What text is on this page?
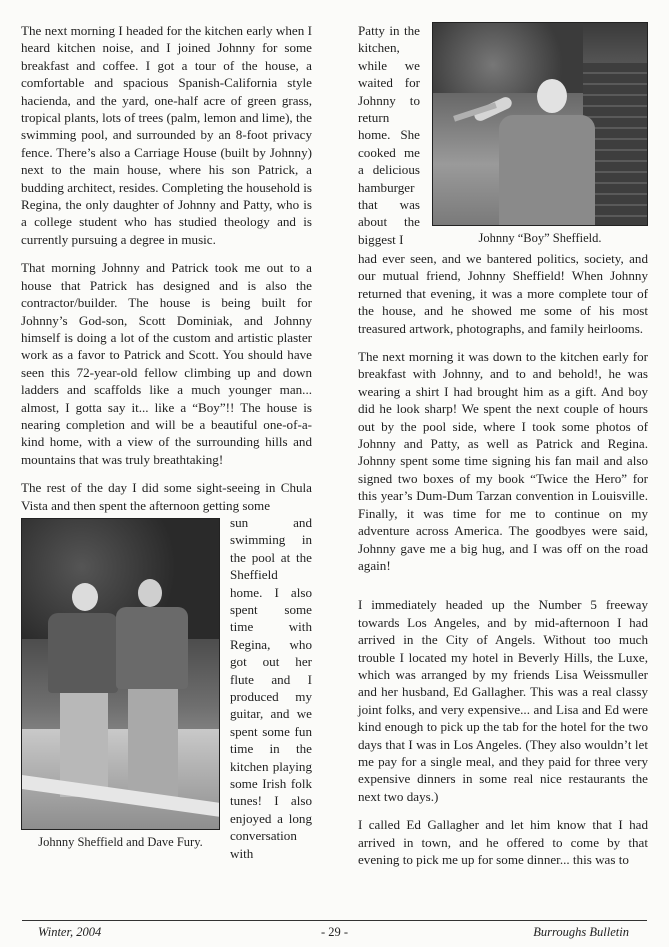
The next morning I headed for the kitchen early when I heard kitchen noise, and I joined Johnny for some breakfast and coffee. I got a tour of the house, a comfortable and spacious Spanish-California style hacienda, and the yard, one-half acre of green grass, tropical plants, lots of trees (palm, lemon and lime), the swimming pool, and surrounded by an 8-foot privacy fence. There’s also a Carriage House (built by Johnny) next to the main house, where his son Patrick, a budding architect, resides. Completing the household is Regina, the only daughter of Johnny and Patty, who is a college student who has studied theology and is currently pursuing a degree in music.

That morning Johnny and Patrick took me out to a house that Patrick has designed and is also the contractor/builder. The house is being built for Johnny’s God-son, Scott Dominiak, and Johnny himself is doing a lot of the custom and artistic plaster work as a favor to Patrick and Scott. You should have seen this 72-year-old fellow climbing up and down ladders and scaffolds like a much younger man... almost, I gotta say it... like a “Boy”!! The house is nearing completion and will be a beautiful one-of-a-kind home, with a view of the surrounding hills and mountains that was truly breathtaking!

The rest of the day I did some sight-seeing in Chula Vista and then spent the afternoon getting some

Johnny Sheffield and Dave Fury.

sun and swimming in the pool at the Sheffield home. I also spent some time with Regina, who got out her flute and I produced my guitar, and we spent some fun time in the kitchen playing some Irish folk tunes! I also enjoyed a long conversation with

Johnny “Boy” Sheffield.

Patty in the kitchen, while we waited for Johnny to return home. She cooked me a delicious hamburger that was about the biggest I

had ever seen, and we bantered politics, society, and our mutual friend, Johnny Sheffield! When Johnny returned that evening, it was a more complete tour of the house, and he showed me some of his most treasured artwork, photographs, and family heirlooms.

The next morning it was down to the kitchen early for breakfast with Johnny, and to and behold!, he was wearing a shirt I had brought him as a gift. And boy did he look sharp! We spent the next couple of hours out by the pool side, where I took some photos of Johnny and Patty, as well as Patrick and Regina. Johnny spent some time signing his fan mail and also signed two boxes of my book “Twice the Hero” for this year’s Dum-Dum Tarzan convention in Louisville. Finally, it was time for me to continue on my adventure across America. The goodbyes were said, Johnny gave me a big hug, and I was off on the road again!

I immediately headed up the Number 5 freeway towards Los Angeles, and by mid-afternoon I had arrived in the City of Angels. Without too much trouble I located my hotel in Beverly Hills, the Luxe, which was arranged by my friends Lisa Weissmuller and her husband, Ed Gallagher. This was a real classy joint folks, and very expensive... and Lisa and Ed were kind enough to pick up the tab for the hotel for the two days that I was in Los Angeles. (They also wouldn’t let me pay for a single meal, and they paid for three very expensive dinners in some real nice restaurants the next two days.)

I called Ed Gallagher and let him know that I had arrived in town, and he offered to come by that evening to pick me up for some dinner... this was to

Winter, 2004	- 29 -	Burroughs Bulletin
